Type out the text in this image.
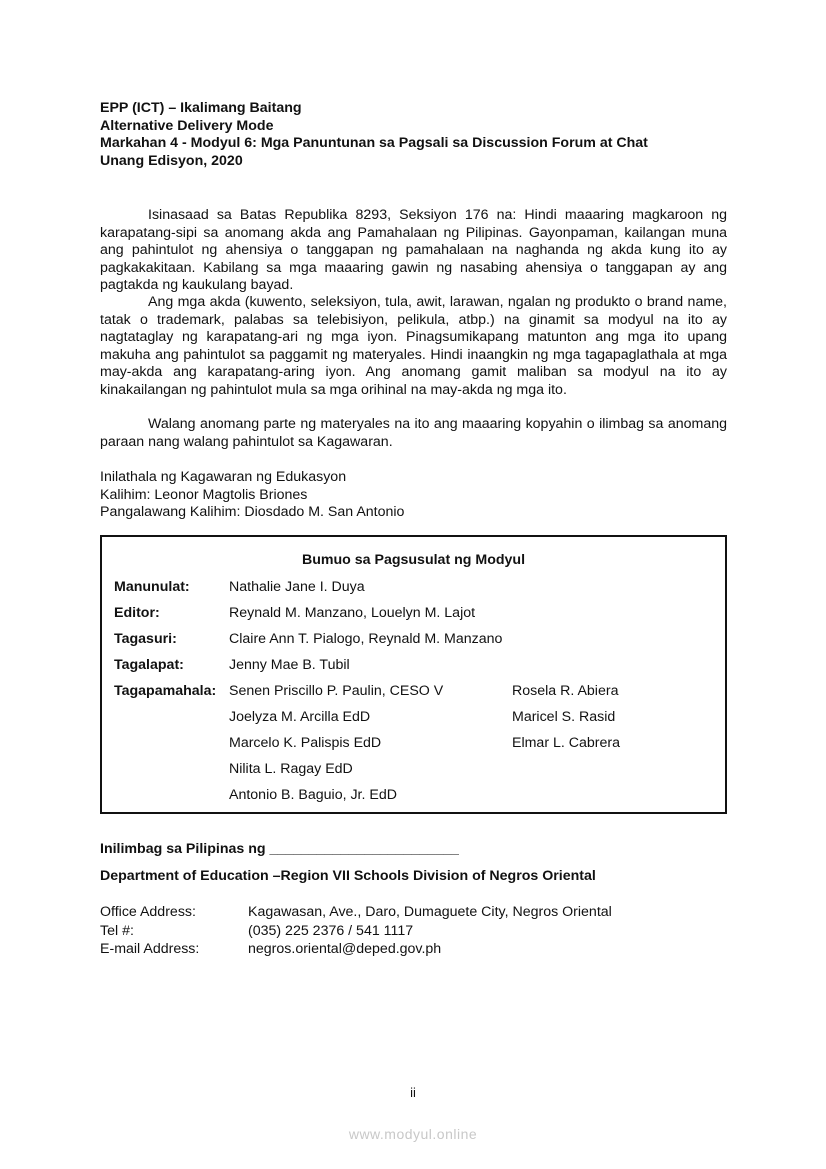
EPP (ICT) – Ikalimang Baitang

Alternative Delivery Mode

Markahan 4 - Modyul 6: Mga Panuntunan sa Pagsali sa Discussion Forum at Chat

Unang Edisyon, 2020

Isinasaad sa Batas Republika 8293, Seksiyon 176 na: Hindi maaaring magkaroon ng karapatang-sipi sa anomang akda ang Pamahalaan ng Pilipinas. Gayonpaman, kailangan muna ang pahintulot ng ahensiya o tanggapan ng pamahalaan na naghanda ng akda kung ito ay pagkakakitaan. Kabilang sa mga maaaring gawin ng nasabing ahensiya o tanggapan ay ang pagtakda ng kaukulang bayad.

Ang mga akda (kuwento, seleksiyon, tula, awit, larawan, ngalan ng produkto o brand name, tatak o trademark, palabas sa telebisiyon, pelikula, atbp.) na ginamit sa modyul na ito ay nagtataglay ng karapatang-ari ng mga iyon. Pinagsumikapang matunton ang mga ito upang makuha ang pahintulot sa paggamit ng materyales. Hindi inaangkin ng mga tagapaglathala at mga may-akda ang karapatang-aring iyon. Ang anomang gamit maliban sa modyul na ito ay kinakailangan ng pahintulot mula sa mga orihinal na may-akda ng mga ito.

Walang anomang parte ng materyales na ito ang maaaring kopyahin o ilimbag sa anomang paraan nang walang pahintulot sa Kagawaran.

Inilathala ng Kagawaran ng Edukasyon
Kalihim: Leonor Magtolis Briones
Pangalawang Kalihim: Diosdado M. San Antonio
Bumuo sa Pagsusulat ng Modyul
Manunulat:	Nathalie Jane I. Duya
Editor:	Reynald M. Manzano, Louelyn M. Lajot
Tagasuri:	Claire Ann T. Pialogo, Reynald M. Manzano
Tagalapat:	Jenny Mae B. Tubil
Tagapamahala: Senen Priscillo P. Paulin, CESO V	Rosela R. Abiera
Joelyza M. Arcilla EdD	Maricel S. Rasid
Marcelo K. Palispis EdD	Elmar L. Cabrera
Nilita L. Ragay EdD
Antonio B. Baguio, Jr. EdD
Inilimbag sa Pilipinas ng ________________________
Department of Education –Region VII Schools Division of Negros Oriental
Office Address:	Kagawasan, Ave., Daro, Dumaguete City, Negros Oriental
Tel #:	(035) 225 2376 / 541 1117
E-mail Address:	negros.oriental@deped.gov.ph
ii
www.modyul.online
